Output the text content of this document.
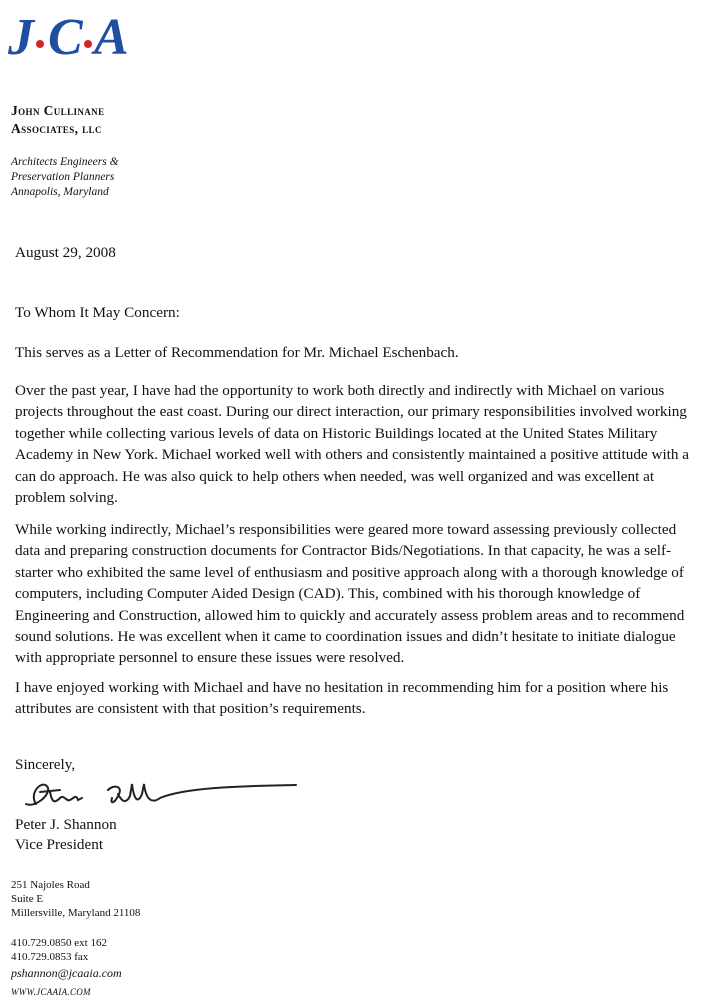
J C A
John Cullinane
Associates, llc
Architects Engineers &
Preservation Planners
Annapolis, Maryland
August 29, 2008
To Whom It May Concern:
This serves as a Letter of Recommendation for Mr. Michael Eschenbach.

Over the past year, I have had the opportunity to work both directly and indirectly with Michael on various projects throughout the east coast. During our direct interaction, our primary responsibilities involved working together while collecting various levels of data on Historic Buildings located at the United States Military Academy in New York. Michael worked well with others and consistently maintained a positive attitude with a can do approach. He was also quick to help others when needed, was well organized and was excellent at problem solving.

While working indirectly, Michael’s responsibilities were geared more toward assessing previously collected data and preparing construction documents for Contractor Bids/Negotiations. In that capacity, he was a self-starter who exhibited the same level of enthusiasm and positive approach along with a thorough knowledge of computers, including Computer Aided Design (CAD). This, combined with his thorough knowledge of Engineering and Construction, allowed him to quickly and accurately assess problem areas and to recommend sound solutions. He was excellent when it came to coordination issues and didn’t hesitate to initiate dialogue with appropriate personnel to ensure these issues were resolved.

I have enjoyed working with Michael and have no hesitation in recommending him for a position where his attributes are consistent with that position’s requirements.

Sincerely,
Peter J. Shannon
Vice President
251 Najoles Road
Suite E
Millersville, Maryland 21108
410.729.0850 ext 162
410.729.0853 fax
pshannon@jcaaia.com
WWW.JCAAIA.COM
